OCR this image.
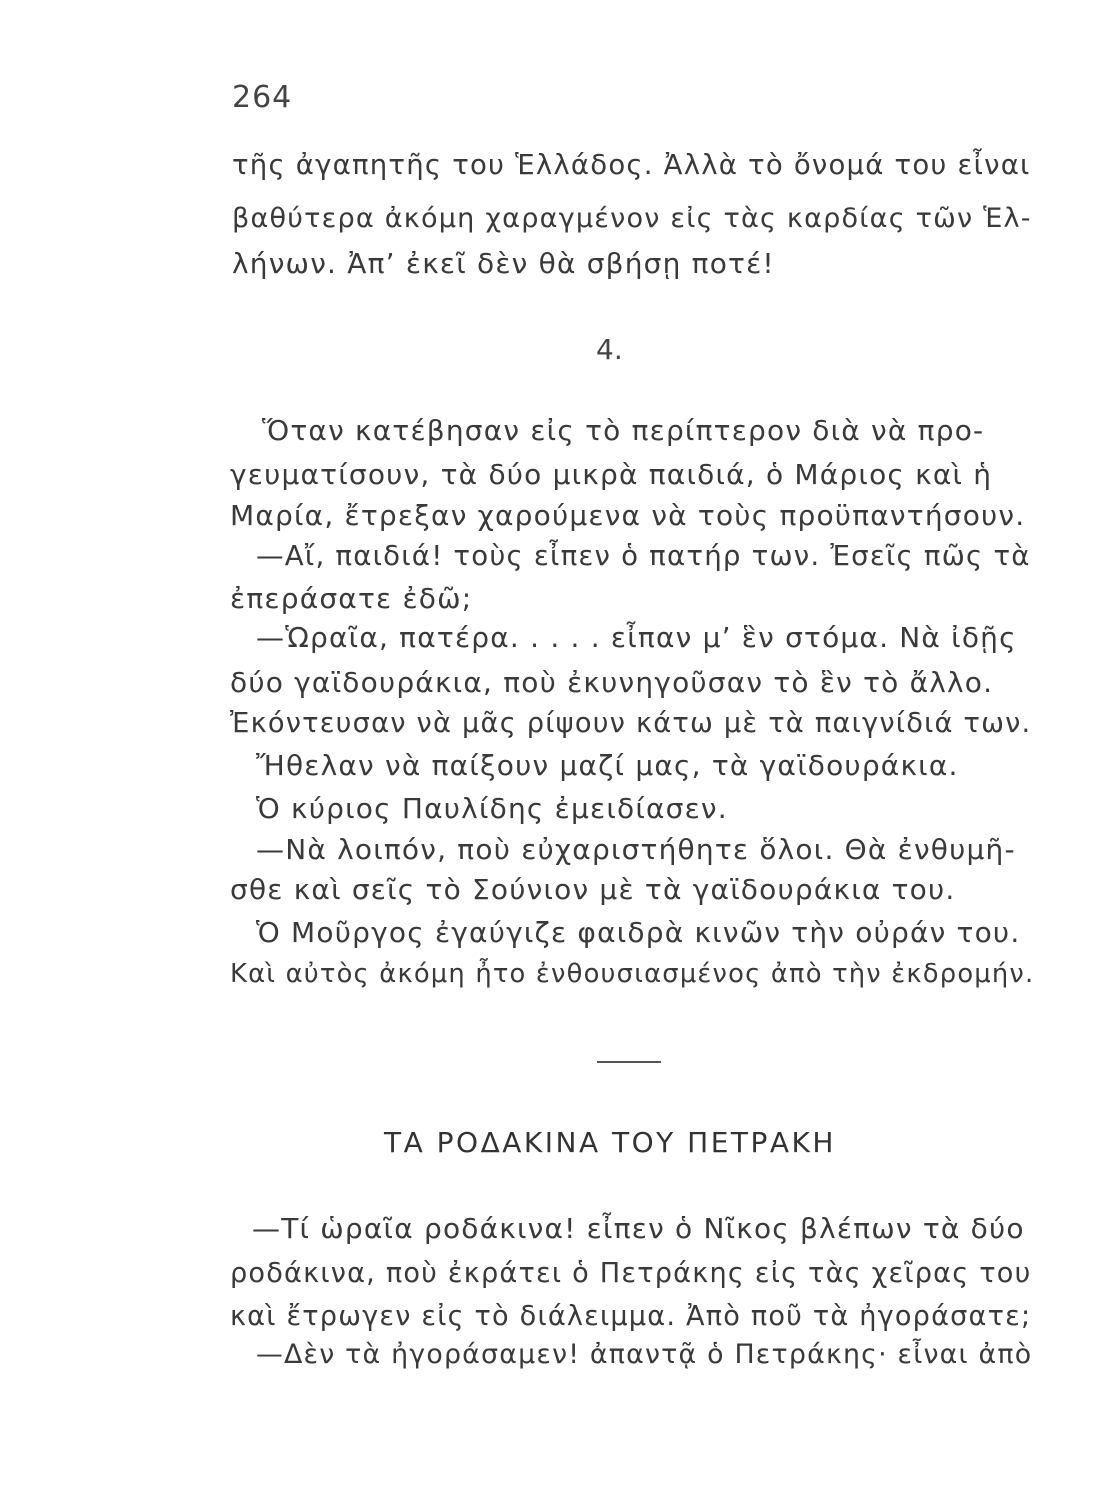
264
τῆς ἀγαπητῆς του Ἑλλάδος. Ἀλλὰ τὸ ὄνομά του εἶναι
βαθύτερα ἀκόμη χαραγμένον εἰς τὰς καρδίας τῶν Ἑλ-
λήνων. Ἀπ’ ἐκεῖ δὲν θὰ σβήσῃ ποτέ!
4.
Ὅταν κατέβησαν εἰς τὸ περίπτερον διὰ νὰ προ-
γευματίσουν, τὰ δύο μικρὰ παιδιά, ὁ Μάριος καὶ ἡ
Μαρία, ἔτρεξαν χαρούμενα νὰ τοὺς προϋπαντήσουν.
—Αἴ, παιδιά! τοὺς εἶπεν ὁ πατήρ των. Ἐσεῖς πῶς τὰ
ἐπεράσατε ἐδῶ;
—Ὡραῖα, πατέρα. . . . . εἶπαν μ’ ἓν στόμα. Νὰ ἰδῇς
δύο γαϊδουράκια, ποὺ ἐκυνηγοῦσαν τὸ ἓν τὸ ἄλλο.
Ἐκόντευσαν νὰ μᾶς ρίψουν κάτω μὲ τὰ παιγνίδιά των.
Ἤθελαν νὰ παίξουν μαζί μας, τὰ γαϊδουράκια.
Ὁ κύριος Παυλίδης ἐμειδίασεν.
—Νὰ λοιπόν, ποὺ εὐχαριστήθητε ὅλοι. Θὰ ἐνθυμῆ-
σθε καὶ σεῖς τὸ Σούνιον μὲ τὰ γαϊδουράκια του.
Ὁ Μοῦργος ἐγαύγιζε φαιδρὰ κινῶν τὴν οὐράν του.
Καὶ αὐτὸς ἀκόμη ἦτο ἐνθουσιασμένος ἀπὸ τὴν ἐκδρομήν.
ΤΑ ΡΟΔΑΚΙΝΑ ΤΟΥ ΠΕΤΡΑΚΗ
—Τί ὡραῖα ροδάκινα! εἶπεν ὁ Νῖκος βλέπων τὰ δύο
ροδάκινα, ποὺ ἐκράτει ὁ Πετράκης εἰς τὰς χεῖρας του
καὶ ἔτρωγεν εἰς τὸ διάλειμμα. Ἀπὸ ποῦ τὰ ἠγοράσατε;
—Δὲν τὰ ἠγοράσαμεν! ἀπαντᾷ ὁ Πετράκης· εἶναι ἀπὸ
